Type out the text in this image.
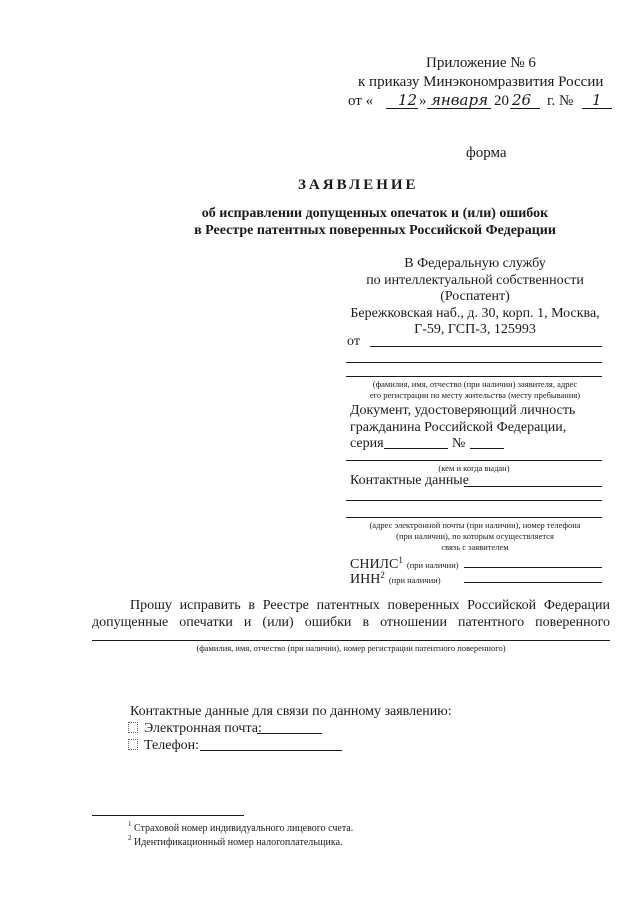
Приложение № 6
к приказу Минэкономразвития России
от « 12 » января 20 26 г. № 1
форма
ЗАЯВЛЕНИЕ
об исправлении допущенных опечаток и (или) ошибок
в Реестре патентных поверенных Российской Федерации
В Федеральную службу
по интеллектуальной собственности
(Роспатент)
Бережковская наб., д. 30, корп. 1, Москва,
Г-59, ГСП-3, 125993
от
(фамилия, имя, отчество (при наличии) заявителя, адрес
его регистрации по месту жительства (месту пребывания)
Документ, удостоверяющий личность
гражданина Российской Федерации,
серия	№
(кем и когда выдан)
Контактные данные
(адрес электронной почты (при наличии), номер телефона
(при наличии), по которым осуществляется
связь с заявителем
СНИЛС$^1$ (при наличии)
ИНН$^2$ (при наличии)
Прошу исправить в Реестре патентных поверенных Российской Федерации
допущенные опечатки и (или) ошибки в отношении патентного поверенного
(фамилия, имя, отчество (при наличии), номер регистрации патентного поверенного)
Контактные данные для связи по данному заявлению:
Электронная почта:
Телефон:
$^1$ Страховой номер индивидуального лицевого счета.
$^2$ Идентификационный номер налогоплательщика.
